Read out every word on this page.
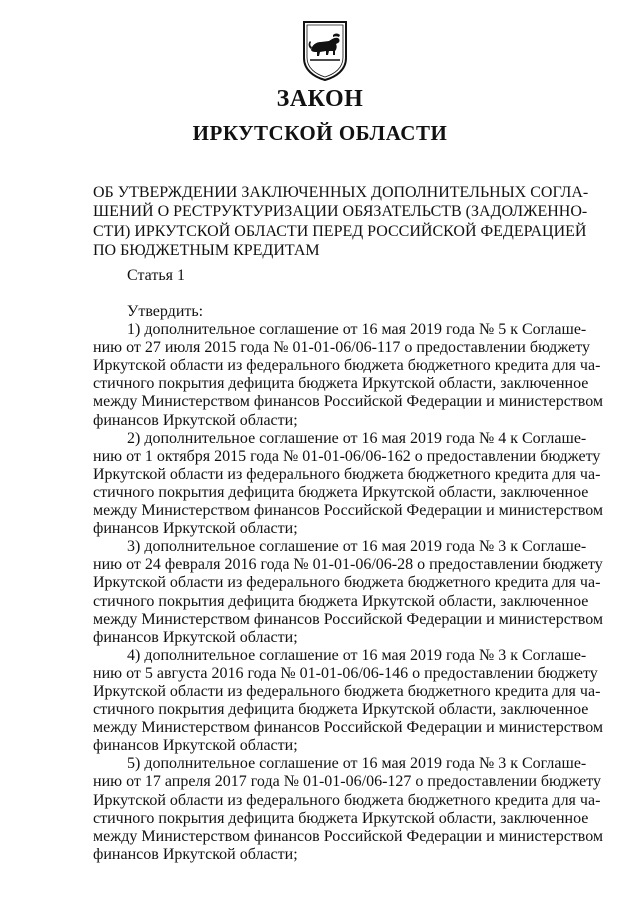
ЗАКОН
ИРКУТСКОЙ ОБЛАСТИ
ОБ УТВЕРЖДЕНИИ ЗАКЛЮЧЕННЫХ ДОПОЛНИТЕЛЬНЫХ СОГЛА-
ШЕНИЙ О РЕСТРУКТУРИЗАЦИИ ОБЯЗАТЕЛЬСТВ (ЗАДОЛЖЕННО-
СТИ) ИРКУТСКОЙ ОБЛАСТИ ПЕРЕД РОССИЙСКОЙ ФЕДЕРАЦИЕЙ
ПО БЮДЖЕТНЫМ КРЕДИТАМ
Статья 1
Утвердить:
1) дополнительное соглашение от 16 мая 2019 года № 5 к Соглаше-
нию от 27 июля 2015 года № 01-01-06/06-117 о предоставлении бюджету
Иркутской области из федерального бюджета бюджетного кредита для ча-
стичного покрытия дефицита бюджета Иркутской области, заключенное
между Министерством финансов Российской Федерации и министерством
финансов Иркутской области;
2) дополнительное соглашение от 16 мая 2019 года № 4 к Соглаше-
нию от 1 октября 2015 года № 01-01-06/06-162 о предоставлении бюджету
Иркутской области из федерального бюджета бюджетного кредита для ча-
стичного покрытия дефицита бюджета Иркутской области, заключенное
между Министерством финансов Российской Федерации и министерством
финансов Иркутской области;
3) дополнительное соглашение от 16 мая 2019 года № 3 к Соглаше-
нию от 24 февраля 2016 года № 01-01-06/06-28 о предоставлении бюджету
Иркутской области из федерального бюджета бюджетного кредита для ча-
стичного покрытия дефицита бюджета Иркутской области, заключенное
между Министерством финансов Российской Федерации и министерством
финансов Иркутской области;
4) дополнительное соглашение от 16 мая 2019 года № 3 к Соглаше-
нию от 5 августа 2016 года № 01-01-06/06-146 о предоставлении бюджету
Иркутской области из федерального бюджета бюджетного кредита для ча-
стичного покрытия дефицита бюджета Иркутской области, заключенное
между Министерством финансов Российской Федерации и министерством
финансов Иркутской области;
5) дополнительное соглашение от 16 мая 2019 года № 3 к Соглаше-
нию от 17 апреля 2017 года № 01-01-06/06-127 о предоставлении бюджету
Иркутской области из федерального бюджета бюджетного кредита для ча-
стичного покрытия дефицита бюджета Иркутской области, заключенное
между Министерством финансов Российской Федерации и министерством
финансов Иркутской области;
